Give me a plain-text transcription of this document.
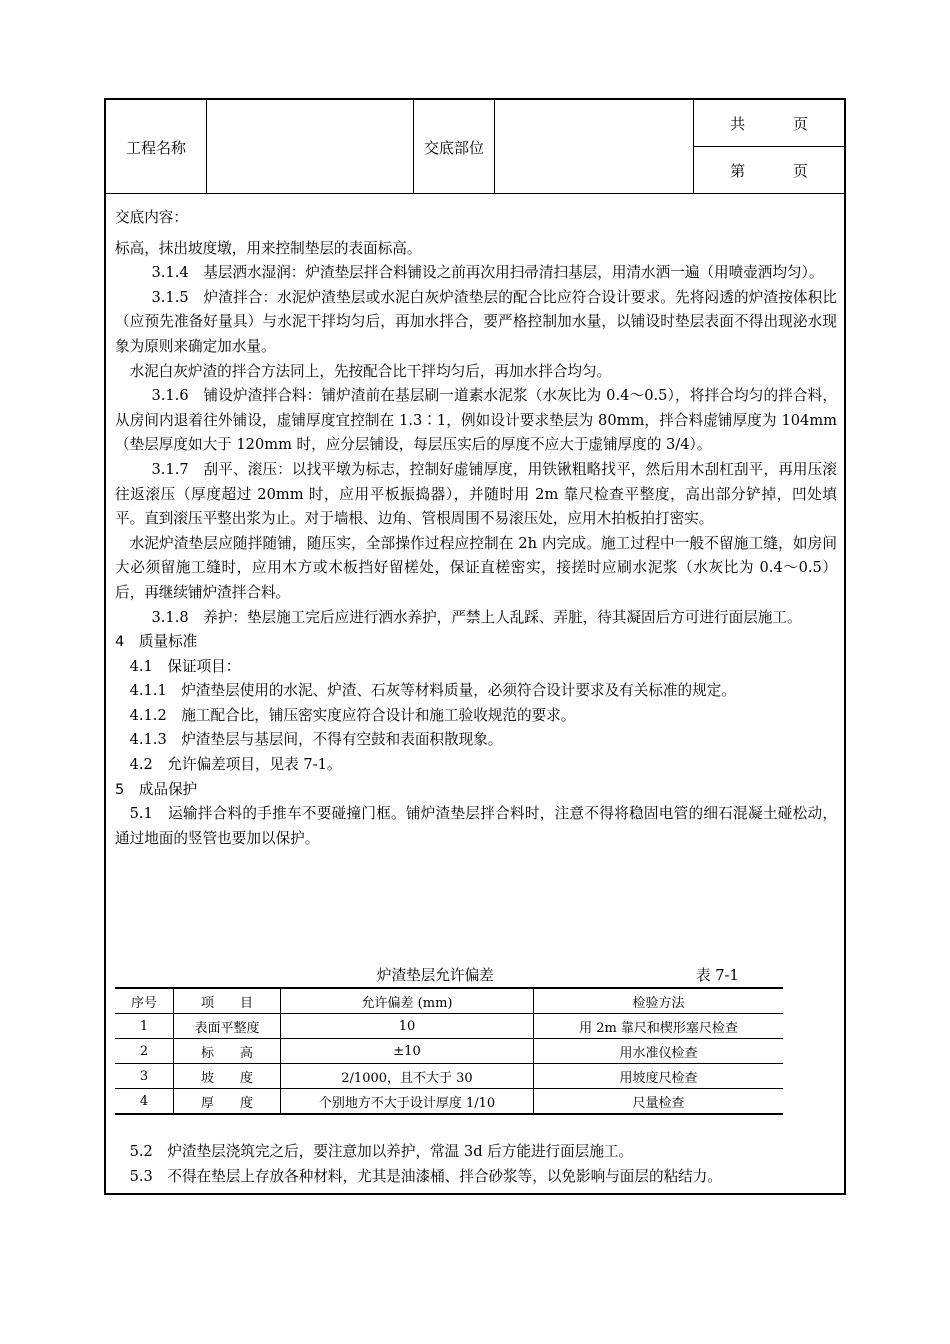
工程名称	交底部位
共          页
第          页

交底内容：

标高，抹出坡度墩，用来控制垫层的表面标高。

3.1.4　基层洒水湿润：炉渣垫层拌合料铺设之前再次用扫帚清扫基层，用清水洒一遍（用喷壶洒均匀）。

3.1.5　炉渣拌合：水泥炉渣垫层或水泥白灰炉渣垫层的配合比应符合设计要求。先将闷透的炉渣按体积比（应预先准备好量具）与水泥干拌均匀后，再加水拌合，要严格控制加水量，以铺设时垫层表面不得出现泌水现象为原则来确定加水量。

水泥白灰炉渣的拌合方法同上，先按配合比干拌均匀后，再加水拌合均匀。

3.1.6　铺设炉渣拌合料：铺炉渣前在基层刷一道素水泥浆（水灰比为 0.4～0.5），将拌合均匀的拌合料，从房间内退着往外铺设，虚铺厚度宜控制在 1.3∶1，例如设计要求垫层为 80mm，拌合料虚铺厚度为 104mm（垫层厚度如大于 120mm 时，应分层铺设，每层压实后的厚度不应大于虚铺厚度的 3/4）。

3.1.7　刮平、滚压：以找平墩为标志，控制好虚铺厚度，用铁锹粗略找平，然后用木刮杠刮平，再用压滚往返滚压（厚度超过 20mm 时，应用平板振捣器），并随时用 2m 靠尺检查平整度，高出部分铲掉，凹处填平。直到滚压平整出浆为止。对于墙根、边角、管根周围不易滚压处，应用木拍板拍打密实。

水泥炉渣垫层应随拌随铺，随压实，全部操作过程应控制在 2h 内完成。施工过程中一般不留施工缝，如房间大必须留施工缝时，应用木方或木板挡好留槎处，保证直槎密实，接搓时应刷水泥浆（水灰比为 0.4～0.5）后，再继续铺炉渣拌合料。

3.1.8　养护：垫层施工完后应进行洒水养护，严禁上人乱踩、弄脏，待其凝固后方可进行面层施工。

4　质量标准

4.1　保证项目：

4.1.1　炉渣垫层使用的水泥、炉渣、石灰等材料质量，必须符合设计要求及有关标准的规定。

4.1.2　施工配合比，铺压密实度应符合设计和施工验收规范的要求。

4.1.3　炉渣垫层与基层间，不得有空鼓和表面积散现象。

4.2　允许偏差项目，见表 7-1。

5　成品保护

5.1　运输拌合料的手推车不要碰撞门框。铺炉渣垫层拌合料时，注意不得将稳固电管的细石混凝土碰松动，通过地面的竖管也要加以保护。

炉渣垫层允许偏差	表 7-1
序号	项　　目	允许偏差 (mm)	检验方法
1	表面平整度	10	用 2m 靠尺和楔形塞尺检查
2	标　　高	±10	用水准仪检查
3	坡　　度	2/1000，且不大于 30	用坡度尺检查
4	厚　　度	个别地方不大于设计厚度 1/10	尺量检查

5.2　炉渣垫层浇筑完之后，要注意加以养护，常温 3d 后方能进行面层施工。

5.3　不得在垫层上存放各种材料，尤其是油漆桶、拌合砂浆等，以免影响与面层的粘结力。
